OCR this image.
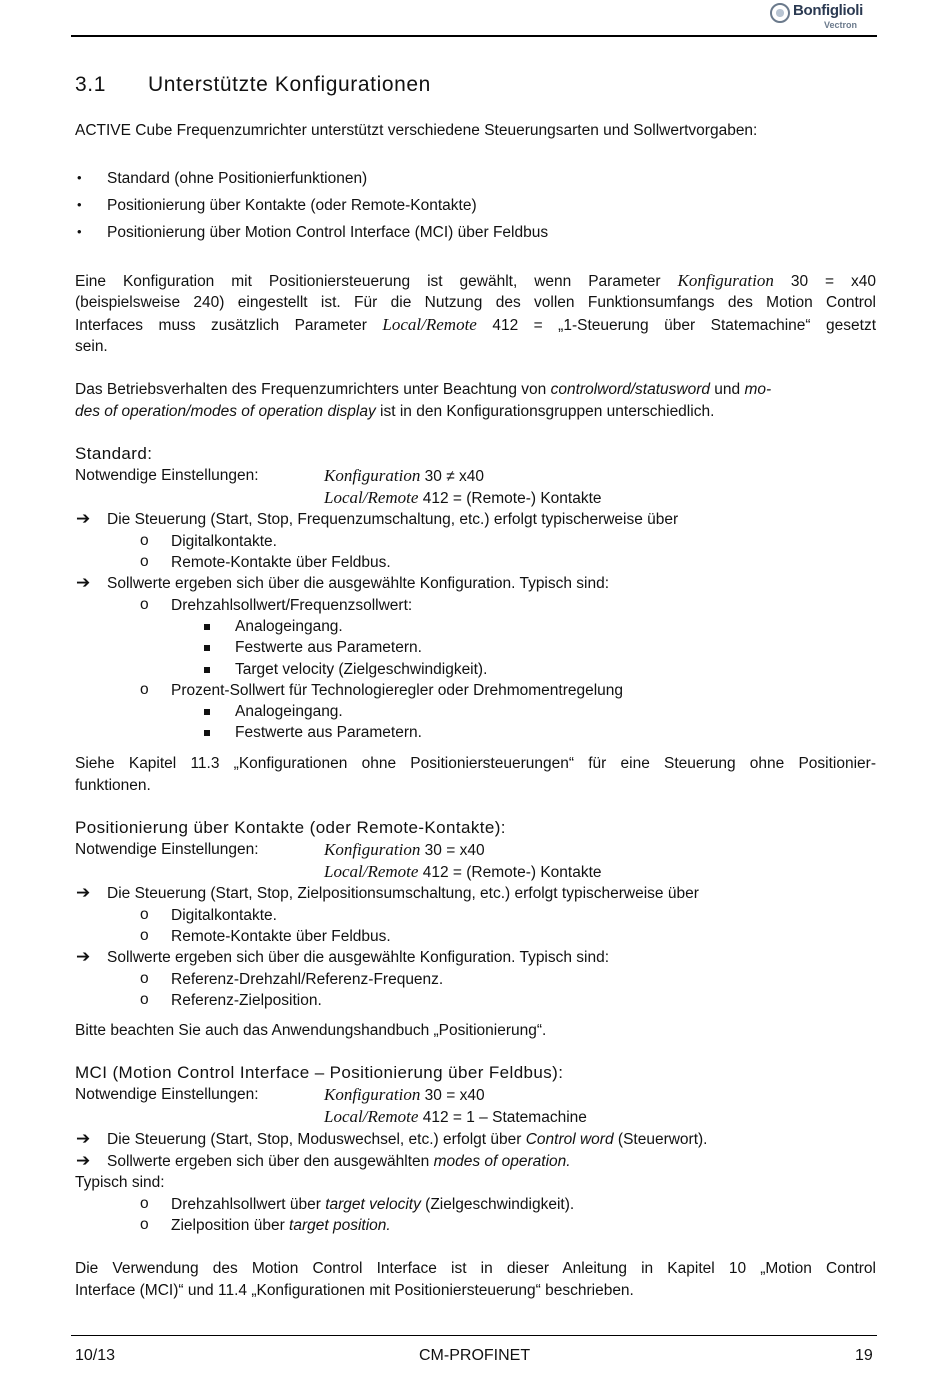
Bonfiglioli
Vectron
3.1 Unterstützte Konfigurationen
ACTIVE Cube Frequenzumrichter unterstützt verschiedene Steuerungsarten und Sollwertvorgaben:
• Standard (ohne Positionierfunktionen)
• Positionierung über Kontakte (oder Remote-Kontakte)
• Positionierung über Motion Control Interface (MCI) über Feldbus
Eine Konfiguration mit Positioniersteuerung ist gewählt, wenn Parameter Konfiguration 30 = x40
(beispielsweise 240) eingestellt ist. Für die Nutzung des vollen Funktionsumfangs des Motion Control
Interfaces muss zusätzlich Parameter Local/Remote 412 = „1-Steuerung über Statemachine“ gesetzt
sein.
Das Betriebsverhalten des Frequenzumrichters unter Beachtung von controlword/statusword und mo-
des of operation/modes of operation display ist in den Konfigurationsgruppen unterschiedlich.
Standard:
Notwendige Einstellungen:	Konfiguration 30 ≠ x40
Local/Remote 412 = (Remote-) Kontakte
➔ Die Steuerung (Start, Stop, Frequenzumschaltung, etc.) erfolgt typischerweise über
o Digitalkontakte.
o Remote-Kontakte über Feldbus.
➔ Sollwerte ergeben sich über die ausgewählte Konfiguration. Typisch sind:
o Drehzahlsollwert/Frequenzsollwert:
Analogeingang.
Festwerte aus Parametern.
Target velocity (Zielgeschwindigkeit).
o Prozent-Sollwert für Technologieregler oder Drehmomentregelung
Analogeingang.
Festwerte aus Parametern.
Siehe Kapitel 11.3 „Konfigurationen ohne Positioniersteuerungen“ für eine Steuerung ohne Positionier-
funktionen.
Positionierung über Kontakte (oder Remote-Kontakte):
Notwendige Einstellungen:	Konfiguration 30 = x40
Local/Remote 412 = (Remote-) Kontakte
➔ Die Steuerung (Start, Stop, Zielpositionsumschaltung, etc.) erfolgt typischerweise über
o Digitalkontakte.
o Remote-Kontakte über Feldbus.
➔ Sollwerte ergeben sich über die ausgewählte Konfiguration. Typisch sind:
o Referenz-Drehzahl/Referenz-Frequenz.
o Referenz-Zielposition.
Bitte beachten Sie auch das Anwendungshandbuch „Positionierung“.
MCI (Motion Control Interface – Positionierung über Feldbus):
Notwendige Einstellungen:	Konfiguration 30 = x40
Local/Remote 412 = 1 – Statemachine
➔ Die Steuerung (Start, Stop, Moduswechsel, etc.) erfolgt über Control word (Steuerwort).
➔ Sollwerte ergeben sich über den ausgewählten modes of operation.
Typisch sind:
o Drehzahlsollwert über target velocity (Zielgeschwindigkeit).
o Zielposition über target position.
Die Verwendung des Motion Control Interface ist in dieser Anleitung in Kapitel 10 „Motion Control
Interface (MCI)“ und 11.4 „Konfigurationen mit Positioniersteuerung“ beschrieben.
10/13	CM-PROFINET	19
